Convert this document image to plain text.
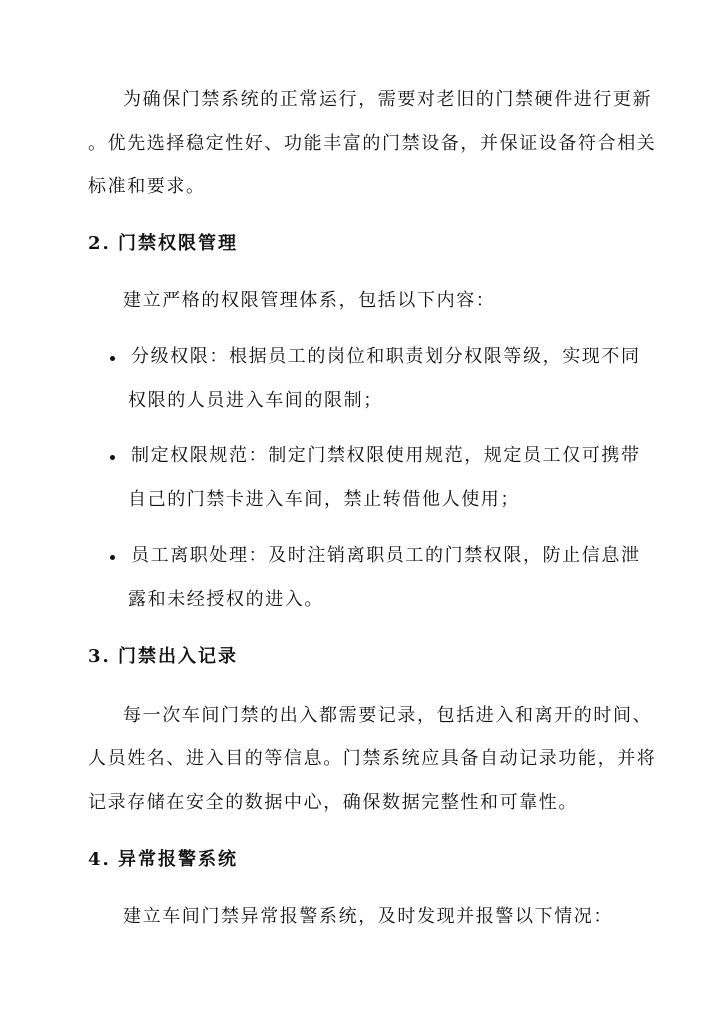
为确保门禁系统的正常运行，需要对老旧的门禁硬件进行更新
。优先选择稳定性好、功能丰富的门禁设备，并保证设备符合相关
标准和要求。
2. 门禁权限管理
建立严格的权限管理体系，包括以下内容：
分级权限：根据员工的岗位和职责划分权限等级，实现不同
权限的人员进入车间的限制；
制定权限规范：制定门禁权限使用规范，规定员工仅可携带
自己的门禁卡进入车间，禁止转借他人使用；
员工离职处理：及时注销离职员工的门禁权限，防止信息泄
露和未经授权的进入。
3. 门禁出入记录
每一次车间门禁的出入都需要记录，包括进入和离开的时间、
人员姓名、进入目的等信息。门禁系统应具备自动记录功能，并将
记录存储在安全的数据中心，确保数据完整性和可靠性。
4. 异常报警系统
建立车间门禁异常报警系统，及时发现并报警以下情况：
